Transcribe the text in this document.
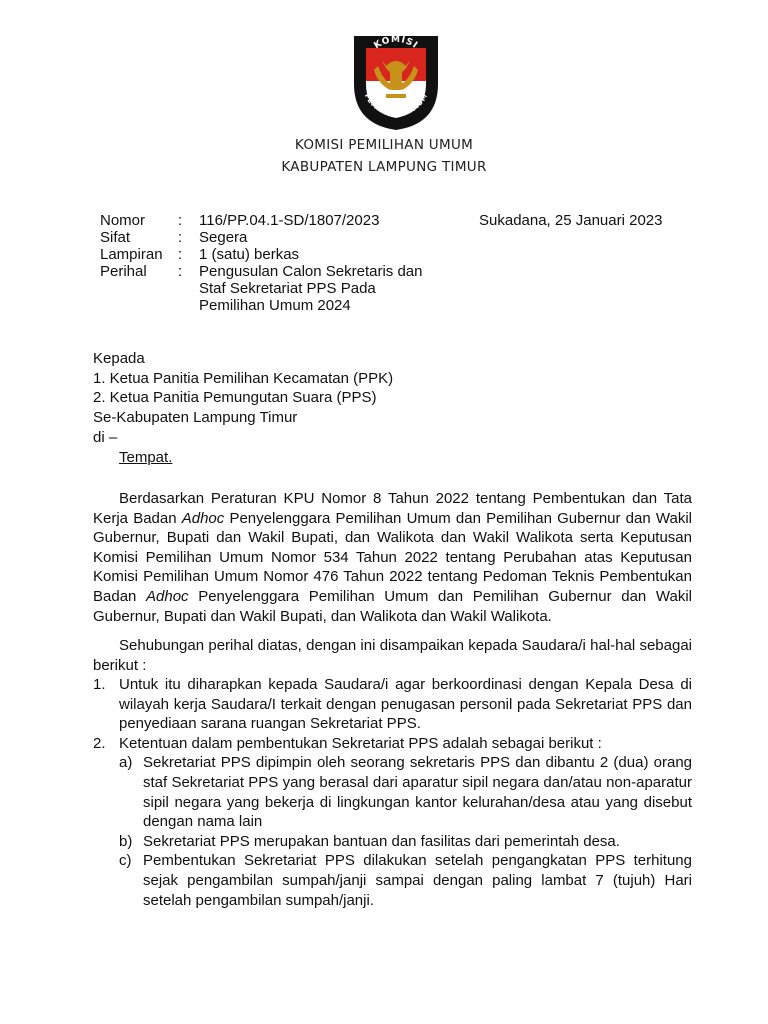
KOMISI
PEMILIHAN UMUM
KOMISI PEMILIHAN UMUM
KABUPATEN LAMPUNG TIMUR
Nomor	:	116/PP.04.1-SD/1807/2023
Sifat	:	Segera
Lampiran	:	1 (satu) berkas
Perihal	:	Pengusulan Calon Sekretaris dan Staf Sekretariat PPS Pada Pemilihan Umum 2024
Sukadana, 25 Januari 2023
Kepada
1. Ketua Panitia Pemilihan Kecamatan (PPK)
2. Ketua Panitia Pemungutan Suara (PPS)
Se-Kabupaten Lampung Timur
di –
Tempat.

Berdasarkan Peraturan KPU Nomor 8 Tahun 2022 tentang Pembentukan dan Tata Kerja Badan Adhoc Penyelenggara Pemilihan Umum dan Pemilihan Gubernur dan Wakil Gubernur, Bupati dan Wakil Bupati, dan Walikota dan Wakil Walikota serta Keputusan Komisi Pemilihan Umum Nomor 534 Tahun 2022 tentang Perubahan atas Keputusan Komisi Pemilihan Umum Nomor 476 Tahun 2022 tentang Pedoman Teknis Pembentukan Badan Adhoc Penyelenggara Pemilihan Umum dan Pemilihan Gubernur dan Wakil Gubernur, Bupati dan Wakil Bupati, dan Walikota dan Wakil Walikota.

Sehubungan perihal diatas, dengan ini disampaikan kepada Saudara/i hal-hal sebagai berikut :

1. Untuk itu diharapkan kepada Saudara/i agar berkoordinasi dengan Kepala Desa di wilayah kerja Saudara/I terkait dengan penugasan personil pada Sekretariat PPS dan penyediaan sarana ruangan Sekretariat PPS.
2. Ketentuan dalam pembentukan Sekretariat PPS adalah sebagai berikut :
a) Sekretariat PPS dipimpin oleh seorang sekretaris PPS dan dibantu 2 (dua) orang staf Sekretariat PPS yang berasal dari aparatur sipil negara dan/atau non-aparatur sipil negara yang bekerja di lingkungan kantor kelurahan/desa atau yang disebut dengan nama lain
b) Sekretariat PPS merupakan bantuan dan fasilitas dari pemerintah desa.
c) Pembentukan Sekretariat PPS dilakukan setelah pengangkatan PPS terhitung sejak pengambilan sumpah/janji sampai dengan paling lambat 7 (tujuh) Hari setelah pengambilan sumpah/janji.
